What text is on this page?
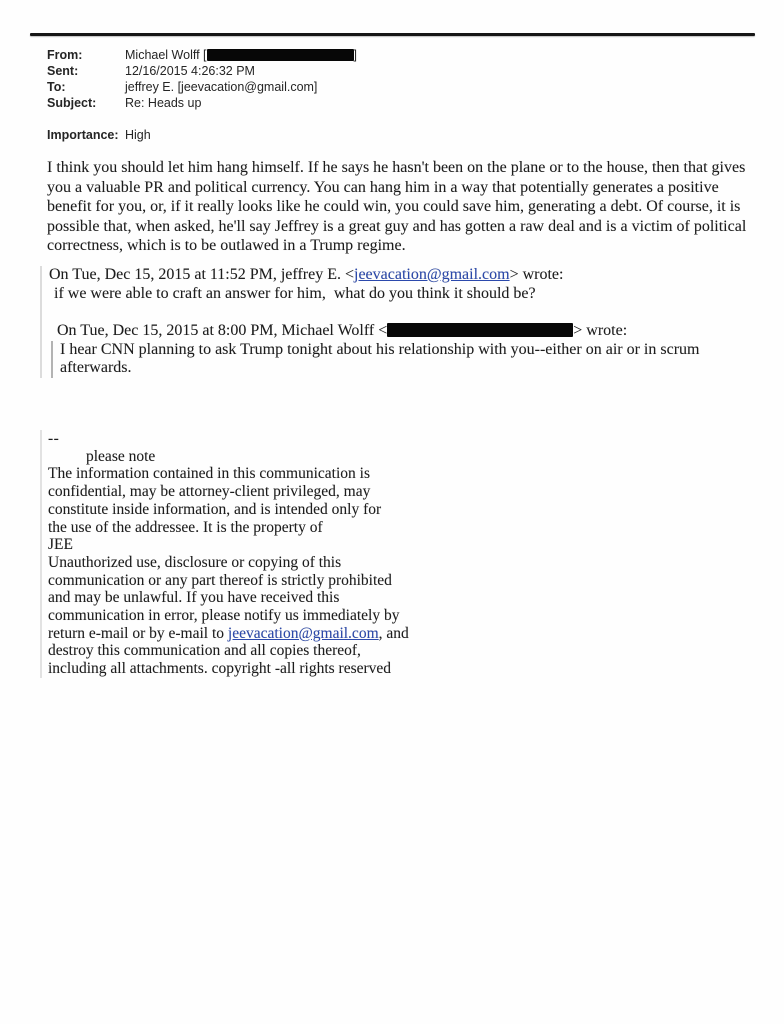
From:	Michael Wolff [	]
Sent:	12/16/2015 4:26:32 PM
To:	jeffrey E. [jeevacation@gmail.com]
Subject:	Re: Heads up
Importance: High
I think you should let him hang himself. If he says he hasn't been on the plane or to the house, then that gives you a valuable PR and political currency. You can hang him in a way that potentially generates a positive benefit for you, or, if it really looks like he could win, you could save him, generating a debt. Of course, it is possible that, when asked, he'll say Jeffrey is a great guy and has gotten a raw deal and is a victim of political correctness, which is to be outlawed in a Trump regime.
On Tue, Dec 15, 2015 at 11:52 PM, jeffrey E. <jeevacation@gmail.com> wrote:
if we were able to craft an answer for him,  what do you think it should be?
On Tue, Dec 15, 2015 at 8:00 PM, Michael Wolff <	> wrote:
I hear CNN planning to ask Trump tonight about his relationship with you--either on air or in scrum
afterwards.
--
please note
The information contained in this communication is
confidential, may be attorney-client privileged, may
constitute inside information, and is intended only for
the use of the addressee. It is the property of
JEE
Unauthorized use, disclosure or copying of this
communication or any part thereof is strictly prohibited
and may be unlawful. If you have received this
communication in error, please notify us immediately by
return e-mail or by e-mail to jeevacation@gmail.com, and
destroy this communication and all copies thereof,
including all attachments. copyright -all rights reserved
